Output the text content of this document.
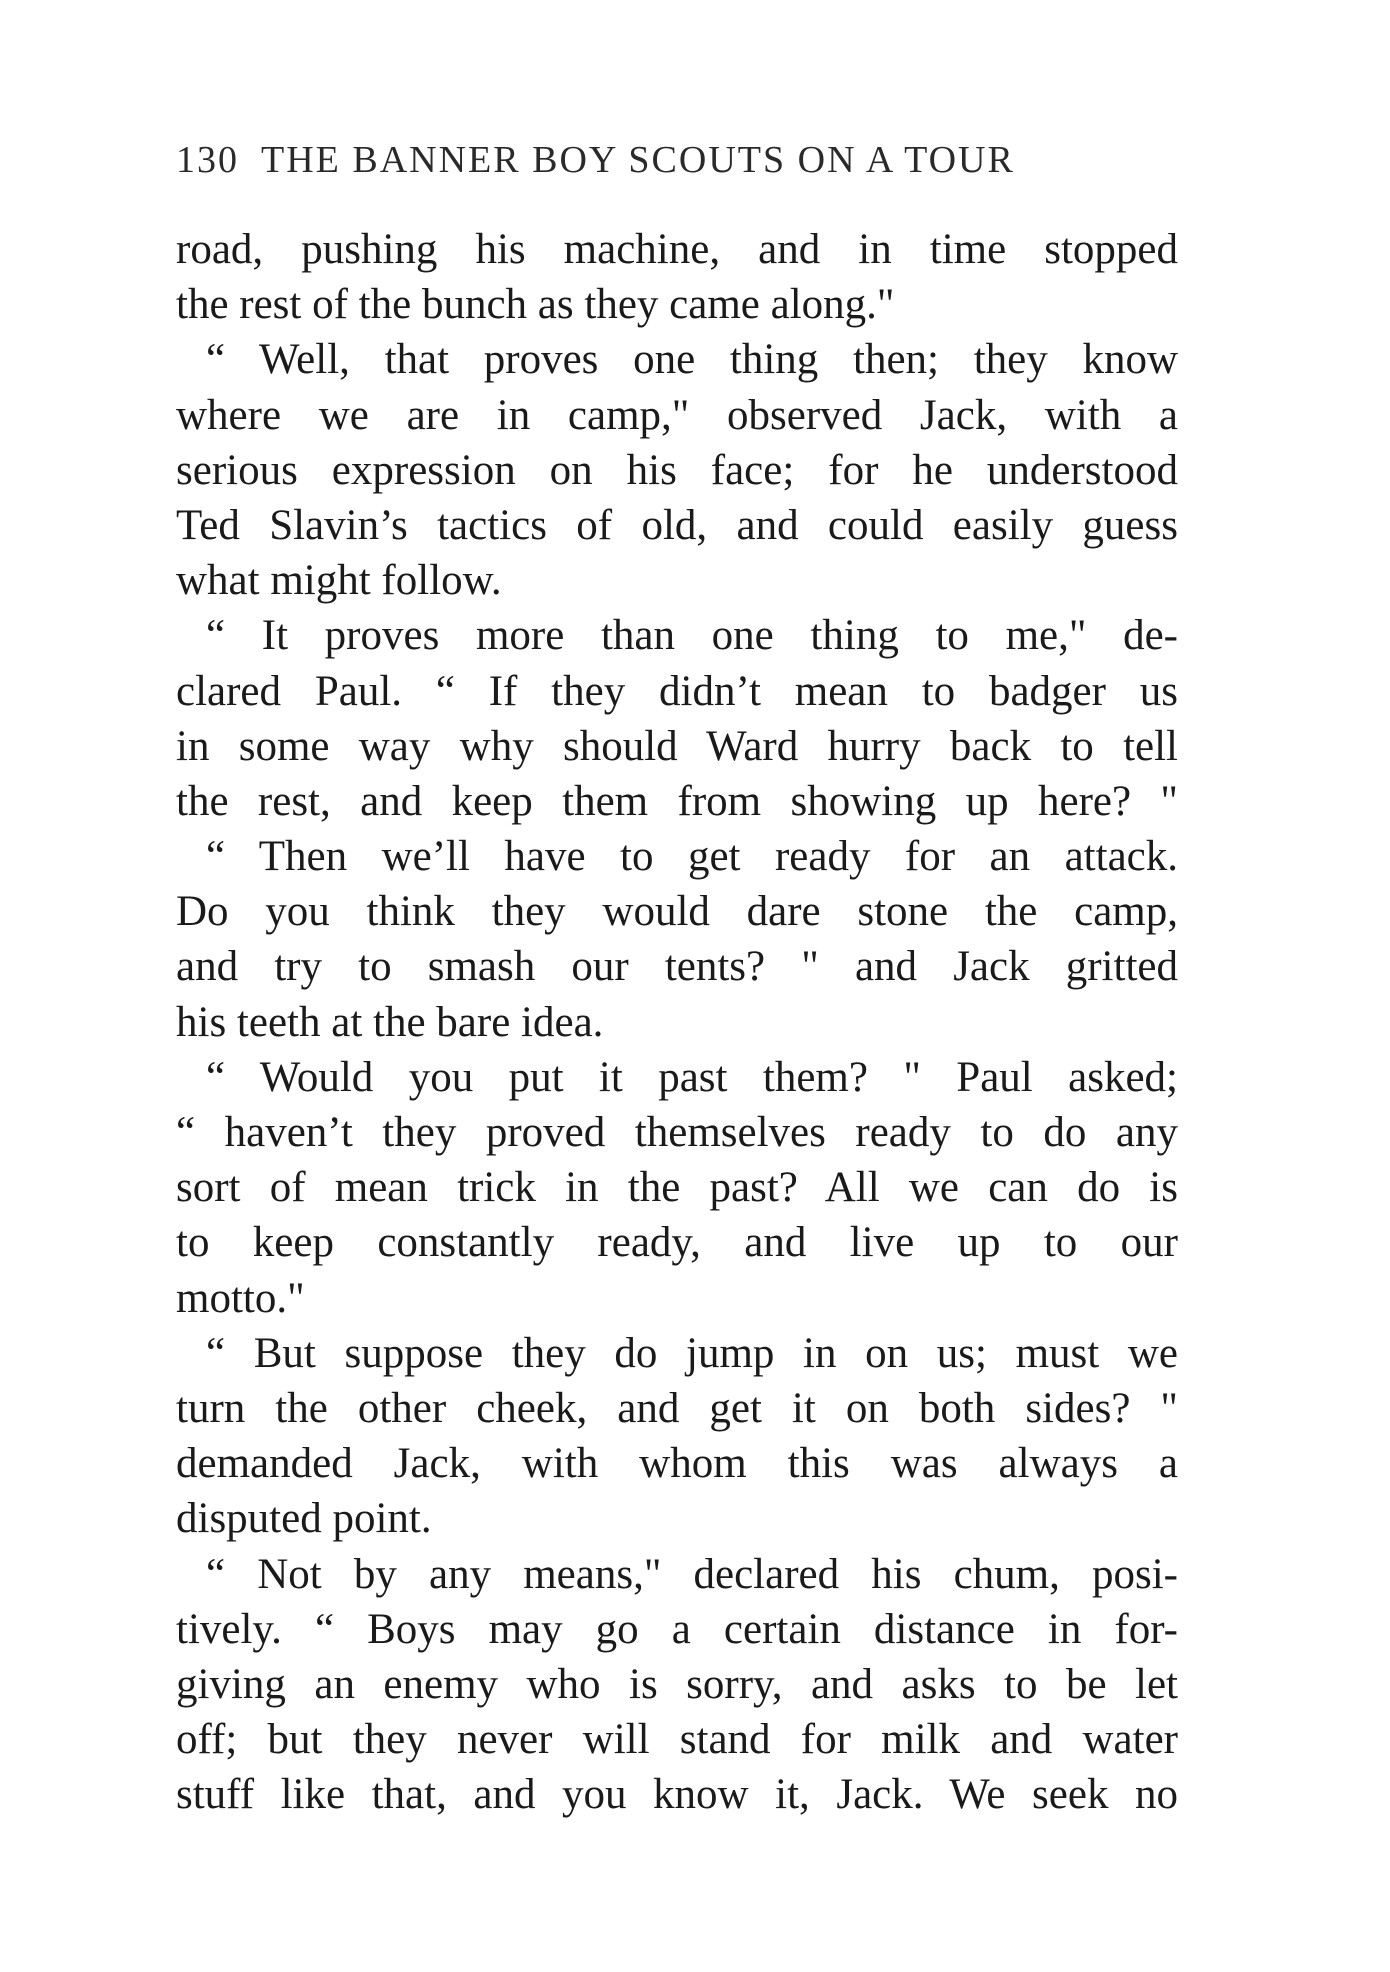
130 THE BANNER BOY SCOUTS ON A TOUR
road, pushing his machine, and in time stopped
the rest of the bunch as they came along."
“ Well, that proves one thing then; they know
where we are in camp," observed Jack, with a
serious expression on his face; for he understood
Ted Slavin’s tactics of old, and could easily guess
what might follow.
“ It proves more than one thing to me," de-
clared Paul. “ If they didn’t mean to badger us
in some way why should Ward hurry back to tell
the rest, and keep them from showing up here? "
“ Then we’ll have to get ready for an attack.
Do you think they would dare stone the camp,
and try to smash our tents? " and Jack gritted
his teeth at the bare idea.
“ Would you put it past them? " Paul asked;
“ haven’t they proved themselves ready to do any
sort of mean trick in the past? All we can do is
to keep constantly ready, and live up to our
motto."
“ But suppose they do jump in on us; must we
turn the other cheek, and get it on both sides? "
demanded Jack, with whom this was always a
disputed point.
“ Not by any means," declared his chum, posi-
tively. “ Boys may go a certain distance in for-
giving an enemy who is sorry, and asks to be let
off; but they never will stand for milk and water
stuff like that, and you know it, Jack. We seek no
